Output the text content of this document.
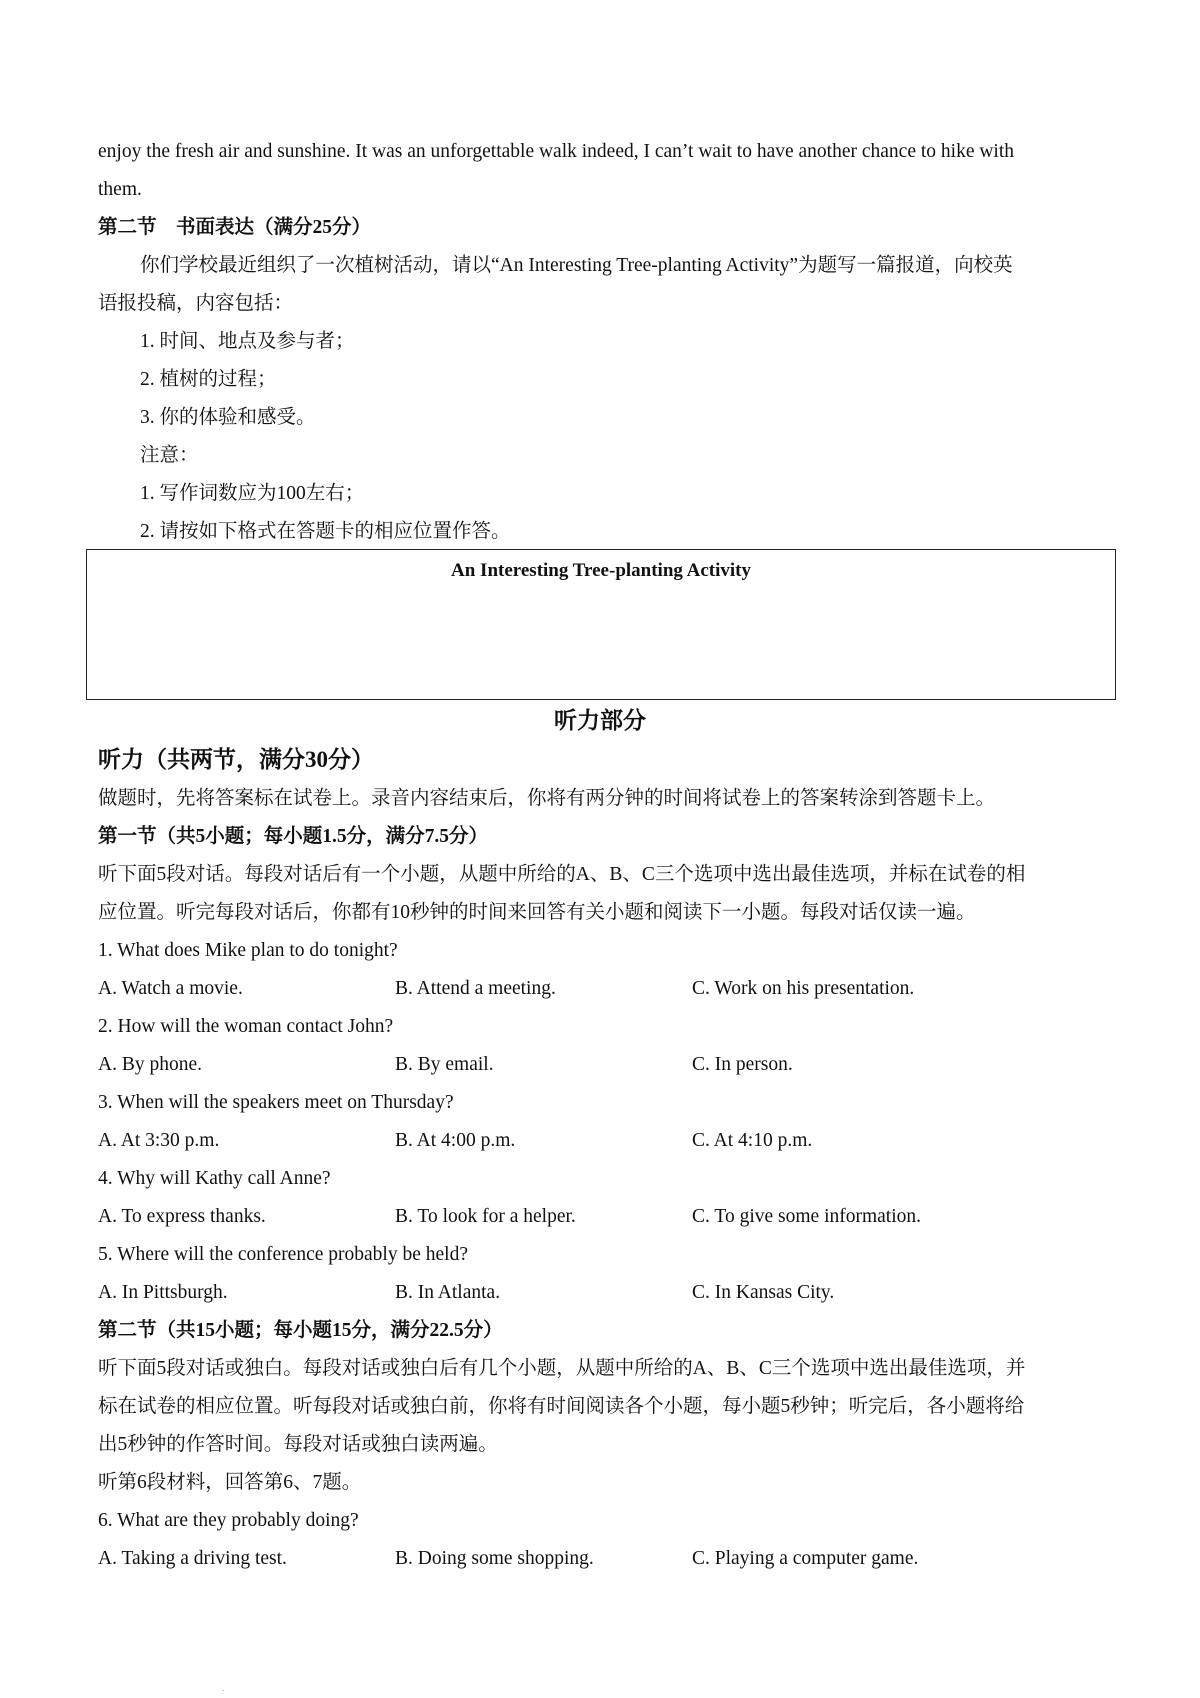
enjoy the fresh air and sunshine. It was an unforgettable walk indeed, I can’t wait to have another chance to hike with
them.
第二节　书面表达（满分25分）
你们学校最近组织了一次植树活动，请以“An Interesting Tree-planting Activity”为题写一篇报道，向校英
语报投稿，内容包括：
1. 时间、地点及参与者；
2. 植树的过程；
3. 你的体验和感受。
注意：
1. 写作词数应为100左右；
2. 请按如下格式在答题卡的相应位置作答。
An Interesting Tree-planting Activity
听力部分
听力（共两节，满分30分）
做题时，先将答案标在试卷上。录音内容结束后，你将有两分钟的时间将试卷上的答案转涂到答题卡上。
第一节（共5小题；每小题1.5分，满分7.5分）
听下面5段对话。每段对话后有一个小题，从题中所给的A、B、C三个选项中选出最佳选项，并标在试卷的相
应位置。听完每段对话后，你都有10秒钟的时间来回答有关小题和阅读下一小题。每段对话仅读一遍。
1. What does Mike plan to do tonight?
A. Watch a movie.	B. Attend a meeting.	C. Work on his presentation.
2. How will the woman contact John?
A. By phone.	B. By email.	C. In person.
3. When will the speakers meet on Thursday?
A. At 3:30 p.m.	B. At 4:00 p.m.	C. At 4:10 p.m.
4. Why will Kathy call Anne?
A. To express thanks.	B. To look for a helper.	C. To give some information.
5. Where will the conference probably be held?
A. In Pittsburgh.	B. In Atlanta.	C. In Kansas City.
第二节（共15小题；每小题15分，满分22.5分）
听下面5段对话或独白。每段对话或独白后有几个小题，从题中所给的A、B、C三个选项中选出最佳选项，并
标在试卷的相应位置。听每段对话或独白前，你将有时间阅读各个小题，每小题5秒钟；听完后，各小题将给
出5秒钟的作答时间。每段对话或独白读两遍。
听第6段材料，回答第6、7题。
6. What are they probably doing?
A. Taking a driving test.	B. Doing some shopping.	C. Playing a computer game.
.
